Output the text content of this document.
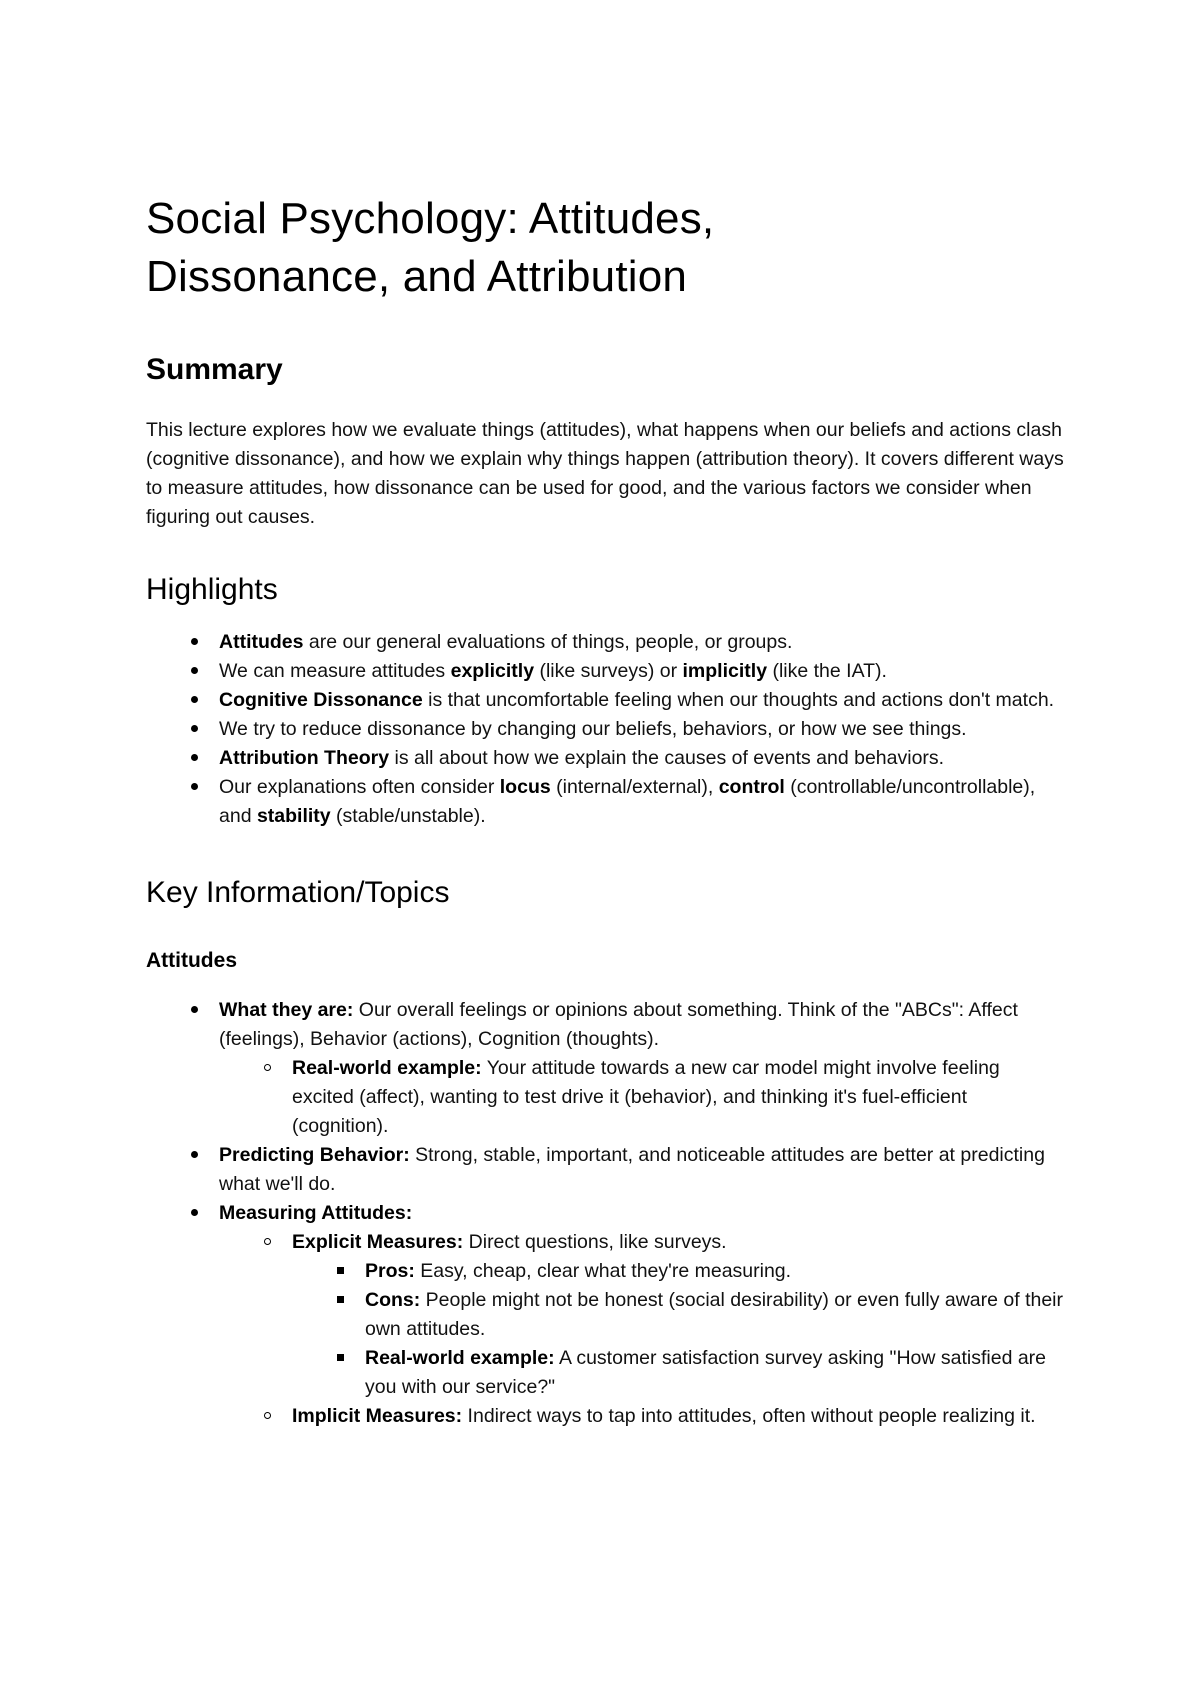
Social Psychology: Attitudes,
Dissonance, and Attribution
Summary

This lecture explores how we evaluate things (attitudes), what happens when our beliefs and actions clash (cognitive dissonance), and how we explain why things happen (attribution theory). It covers different ways to measure attitudes, how dissonance can be used for good, and the various factors we consider when figuring out causes.

Highlights
Attitudes are our general evaluations of things, people, or groups.
We can measure attitudes explicitly (like surveys) or implicitly (like the IAT).
Cognitive Dissonance is that uncomfortable feeling when our thoughts and actions don't match.
We try to reduce dissonance by changing our beliefs, behaviors, or how we see things.
Attribution Theory is all about how we explain the causes of events and behaviors.
Our explanations often consider locus (internal/external), control (controllable/uncontrollable), and stability (stable/unstable).
Key Information/Topics
Attitudes
What they are: Our overall feelings or opinions about something. Think of the "ABCs": Affect (feelings), Behavior (actions), Cognition (thoughts).
Real-world example: Your attitude towards a new car model might involve feeling excited (affect), wanting to test drive it (behavior), and thinking it's fuel-efficient (cognition).
Predicting Behavior: Strong, stable, important, and noticeable attitudes are better at predicting what we'll do.
Measuring Attitudes:
Explicit Measures: Direct questions, like surveys.
Pros: Easy, cheap, clear what they're measuring.
Cons: People might not be honest (social desirability) or even fully aware of their own attitudes.
Real-world example: A customer satisfaction survey asking "How satisfied are you with our service?"
Implicit Measures: Indirect ways to tap into attitudes, often without people realizing it.
